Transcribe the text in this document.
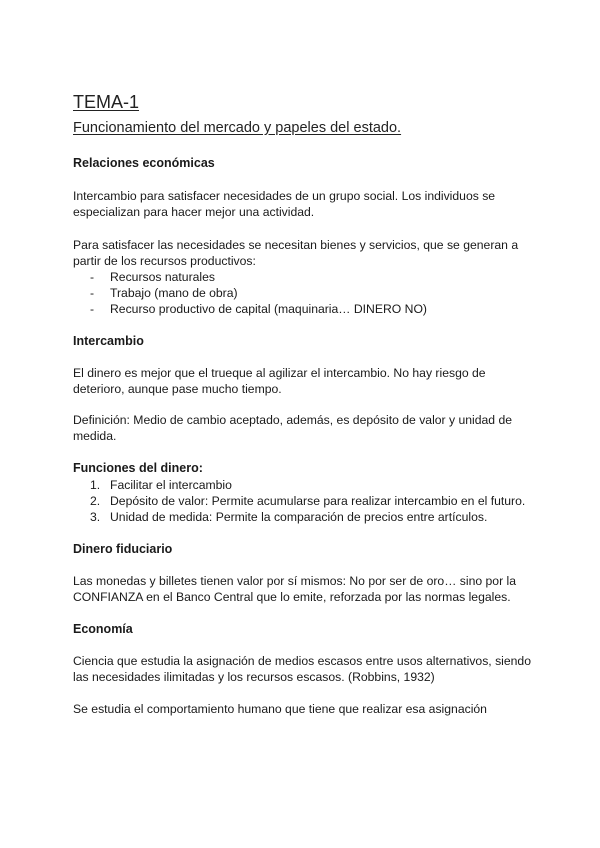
TEMA-1
Funcionamiento del mercado y papeles del estado.
Relaciones económicas
Intercambio para satisfacer necesidades de un grupo social. Los individuos se
especializan para hacer mejor una actividad.
Para satisfacer las necesidades se necesitan bienes y servicios, que se generan a
partir de los recursos productivos:
- Recursos naturales
- Trabajo (mano de obra)
- Recurso productivo de capital (maquinaria… DINERO NO)
Intercambio
El dinero es mejor que el trueque al agilizar el intercambio. No hay riesgo de
deterioro, aunque pase mucho tiempo.
Definición: Medio de cambio aceptado, además, es depósito de valor y unidad de
medida.
Funciones del dinero:
1. Facilitar el intercambio
2. Depósito de valor: Permite acumularse para realizar intercambio en el futuro.
3. Unidad de medida: Permite la comparación de precios entre artículos.
Dinero fiduciario
Las monedas y billetes tienen valor por sí mismos: No por ser de oro… sino por la
CONFIANZA en el Banco Central que lo emite, reforzada por las normas legales.
Economía
Ciencia que estudia la asignación de medios escasos entre usos alternativos, siendo
las necesidades ilimitadas y los recursos escasos. (Robbins, 1932)
Se estudia el comportamiento humano que tiene que realizar esa asignación
